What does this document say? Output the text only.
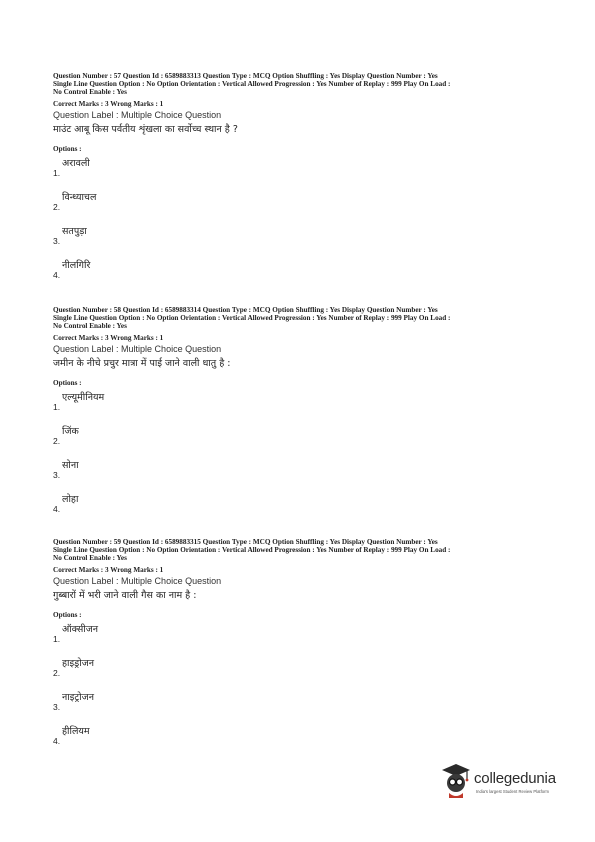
Question Number : 57 Question Id : 6589883313 Question Type : MCQ Option Shuffling : Yes Display Question Number : Yes
Single Line Question Option : No Option Orientation : Vertical Allowed Progression : Yes Number of Replay : 999 Play On Load :
No Control Enable : Yes
Correct Marks : 3 Wrong Marks : 1
Question Label : Multiple Choice Question
माउंट आबू किस पर्वतीय शृंखला का सर्वोच्च स्थान है ?
Options :
1.
अरावली
2.
विन्ध्याचल
3.
सतपुड़ा
4.
नीलगिरि
Question Number : 58 Question Id : 6589883314 Question Type : MCQ Option Shuffling : Yes Display Question Number : Yes
Single Line Question Option : No Option Orientation : Vertical Allowed Progression : Yes Number of Replay : 999 Play On Load :
No Control Enable : Yes
Correct Marks : 3 Wrong Marks : 1
Question Label : Multiple Choice Question
जमीन के नीचे प्रचुर मात्रा में पाई जाने वाली धातु है :
Options :
1.
एल्यूमीनियम
2.
जिंक
3.
सोना
4.
लोहा
Question Number : 59 Question Id : 6589883315 Question Type : MCQ Option Shuffling : Yes Display Question Number : Yes
Single Line Question Option : No Option Orientation : Vertical Allowed Progression : Yes Number of Replay : 999 Play On Load :
No Control Enable : Yes
Correct Marks : 3 Wrong Marks : 1
Question Label : Multiple Choice Question
गुब्बारों में भरी जाने वाली गैस का नाम है :
Options :
1.
ऑक्सीजन
2.
हाइड्रोजन
3.
नाइट्रोजन
4.
हीलियम
collegedunia
India's largest Student Review Platform
